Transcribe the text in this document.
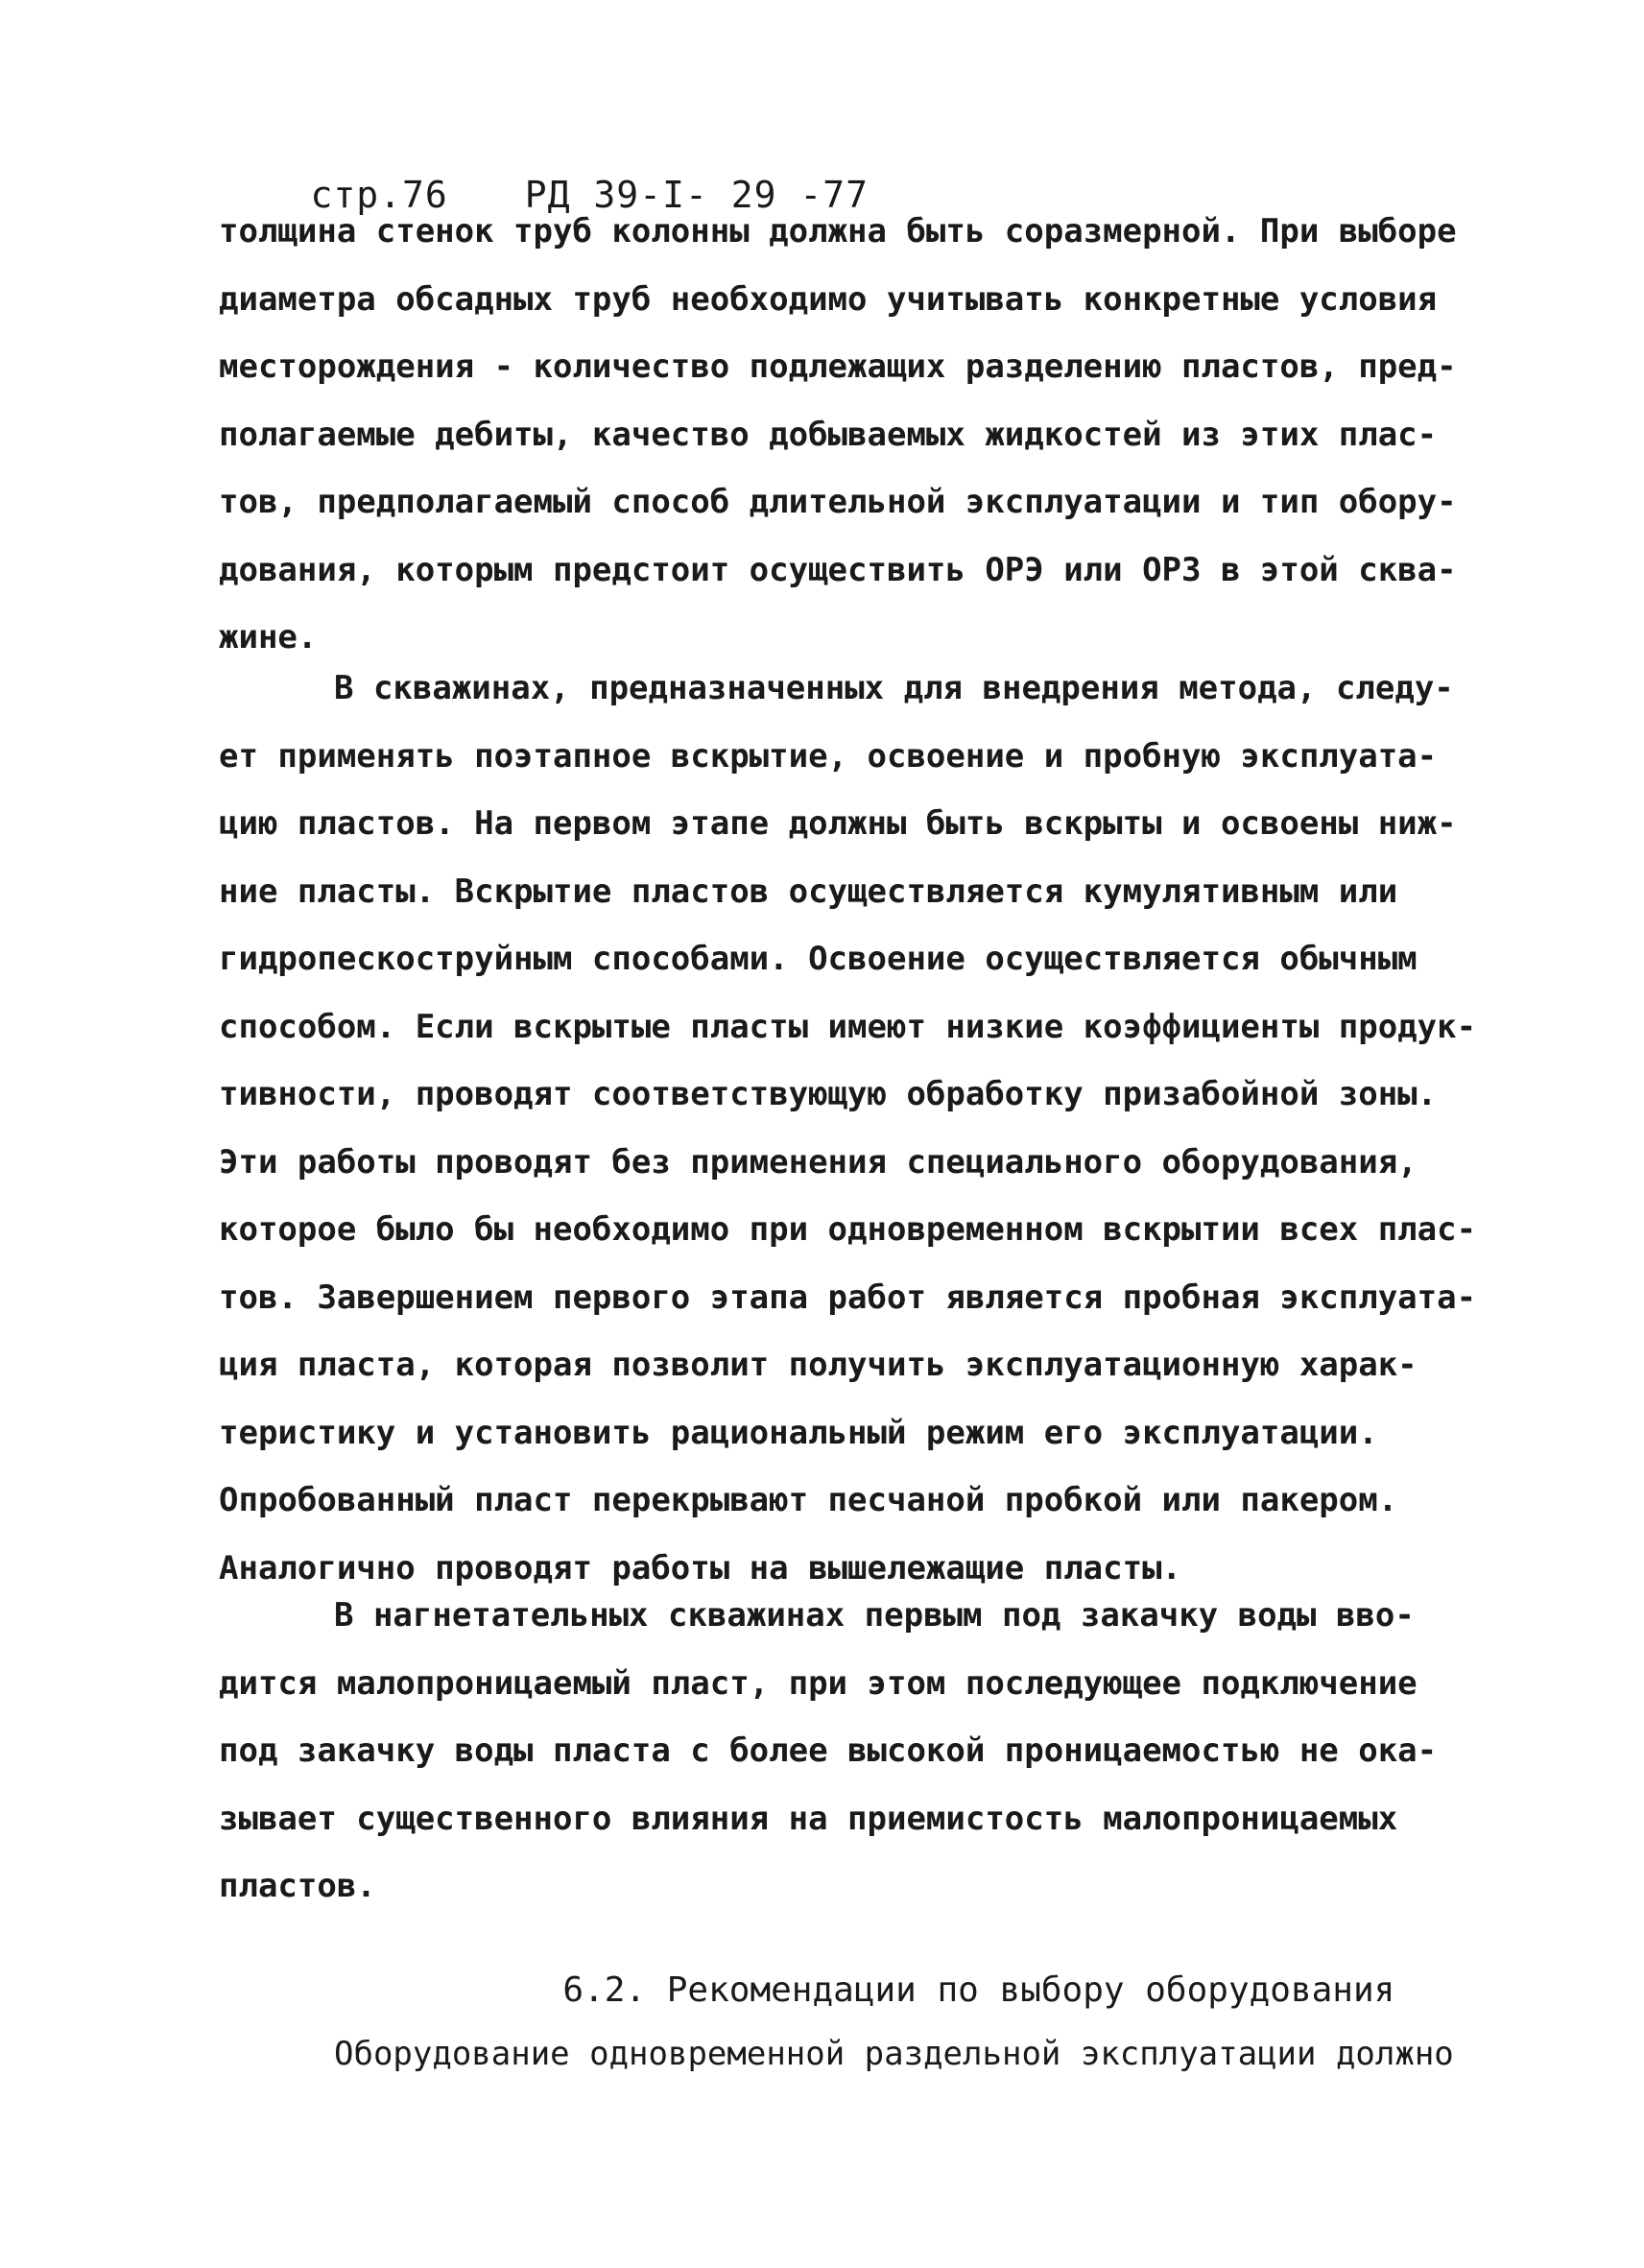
стр.76 РД 39-I- 29 -77

толщина стенок труб колонны должна быть соразмерной. При выборе
диаметра обсадных труб необходимо учитывать конкретные условия
месторождения - количество подлежащих разделению пластов, пред-
полагаемые дебиты, качество добываемых жидкостей из этих плас-
тов, предполагаемый способ длительной эксплуатации и тип обору-
дования, которым предстоит осуществить ОРЭ или ОРЗ в этой сква-
жине.
В скважинах, предназначенных для внедрения метода, следу-
ет применять поэтапное вскрытие, освоение и пробную эксплуата-
цию пластов. На первом этапе должны быть вскрыты и освоены ниж-
ние пласты. Вскрытие пластов осуществляется кумулятивным или
гидропескоструйным способами. Освоение осуществляется обычным
способом. Если вскрытые пласты имеют низкие коэффициенты продук-
тивности, проводят соответствующую обработку призабойной зоны.
Эти работы проводят без применения специального оборудования,
которое было бы необходимо при одновременном вскрытии всех плас-
тов. Завершением первого этапа работ является пробная эксплуата-
ция пласта, которая позволит получить эксплуатационную харак-
теристику и установить рациональный режим его эксплуатации.
Опробованный пласт перекрывают песчаной пробкой или пакером.
Аналогично проводят работы на вышележащие пласты.
В нагнетательных скважинах первым под закачку воды вво-
дится малопроницаемый пласт, при этом последующее подключение
под закачку воды пласта с более высокой проницаемостью не ока-
зывает существенного влияния на приемистость малопроницаемых
пластов.

6.2. Рекомендации по выбору оборудования

Оборудование одновременной раздельной эксплуатации должно
